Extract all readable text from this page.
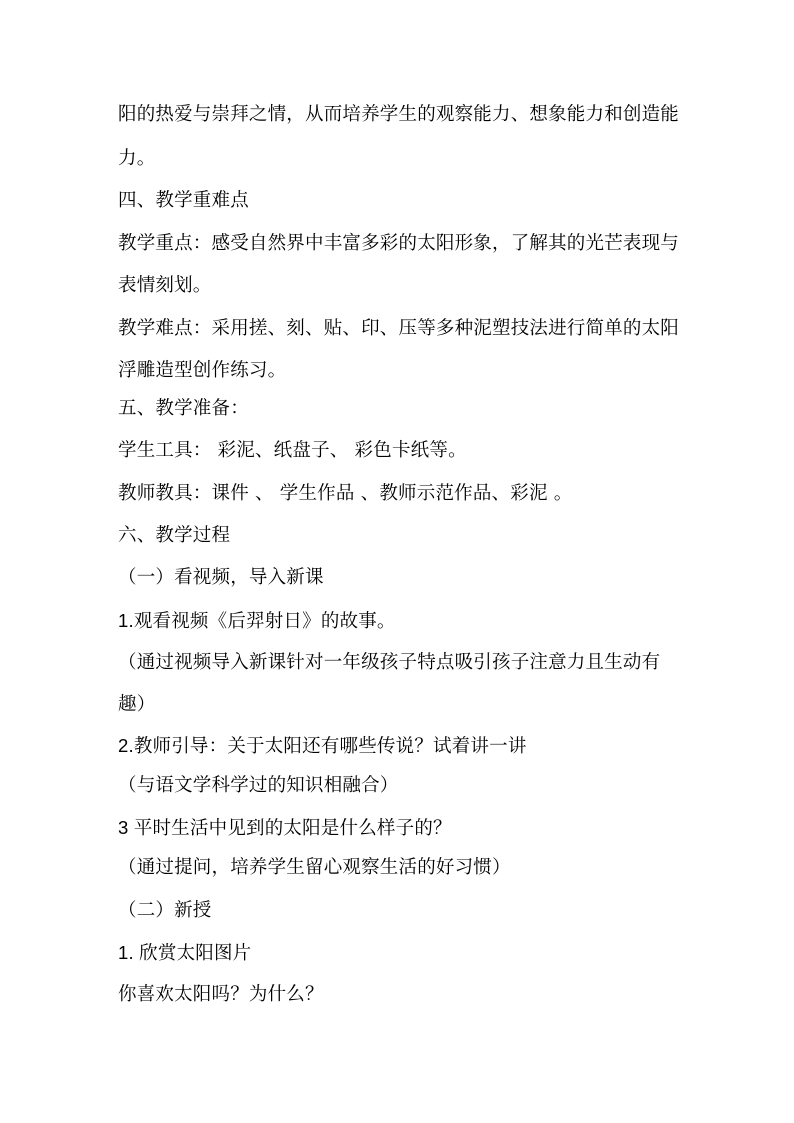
阳的热爱与崇拜之情，从而培养学生的观察能力、想象能力和创造能
力。
四、教学重难点
教学重点：感受自然界中丰富多彩的太阳形象，了解其的光芒表现与
表情刻划。
教学难点：采用搓、刻、贴、印、压等多种泥塑技法进行简单的太阳
浮雕造型创作练习。
五、教学准备：
学生工具： 彩泥、纸盘子、 彩色卡纸等。
教师教具：课件 、 学生作品 、教师示范作品、彩泥 。
六、教学过程
（一）看视频，导入新课
1.观看视频《后羿射日》的故事。
（通过视频导入新课针对一年级孩子特点吸引孩子注意力且生动有
趣）
2.教师引导：关于太阳还有哪些传说？试着讲一讲
（与语文学科学过的知识相融合）
3 平时生活中见到的太阳是什么样子的？
（通过提问，培养学生留心观察生活的好习惯）
（二）新授
1. 欣赏太阳图片
你喜欢太阳吗？为什么？
